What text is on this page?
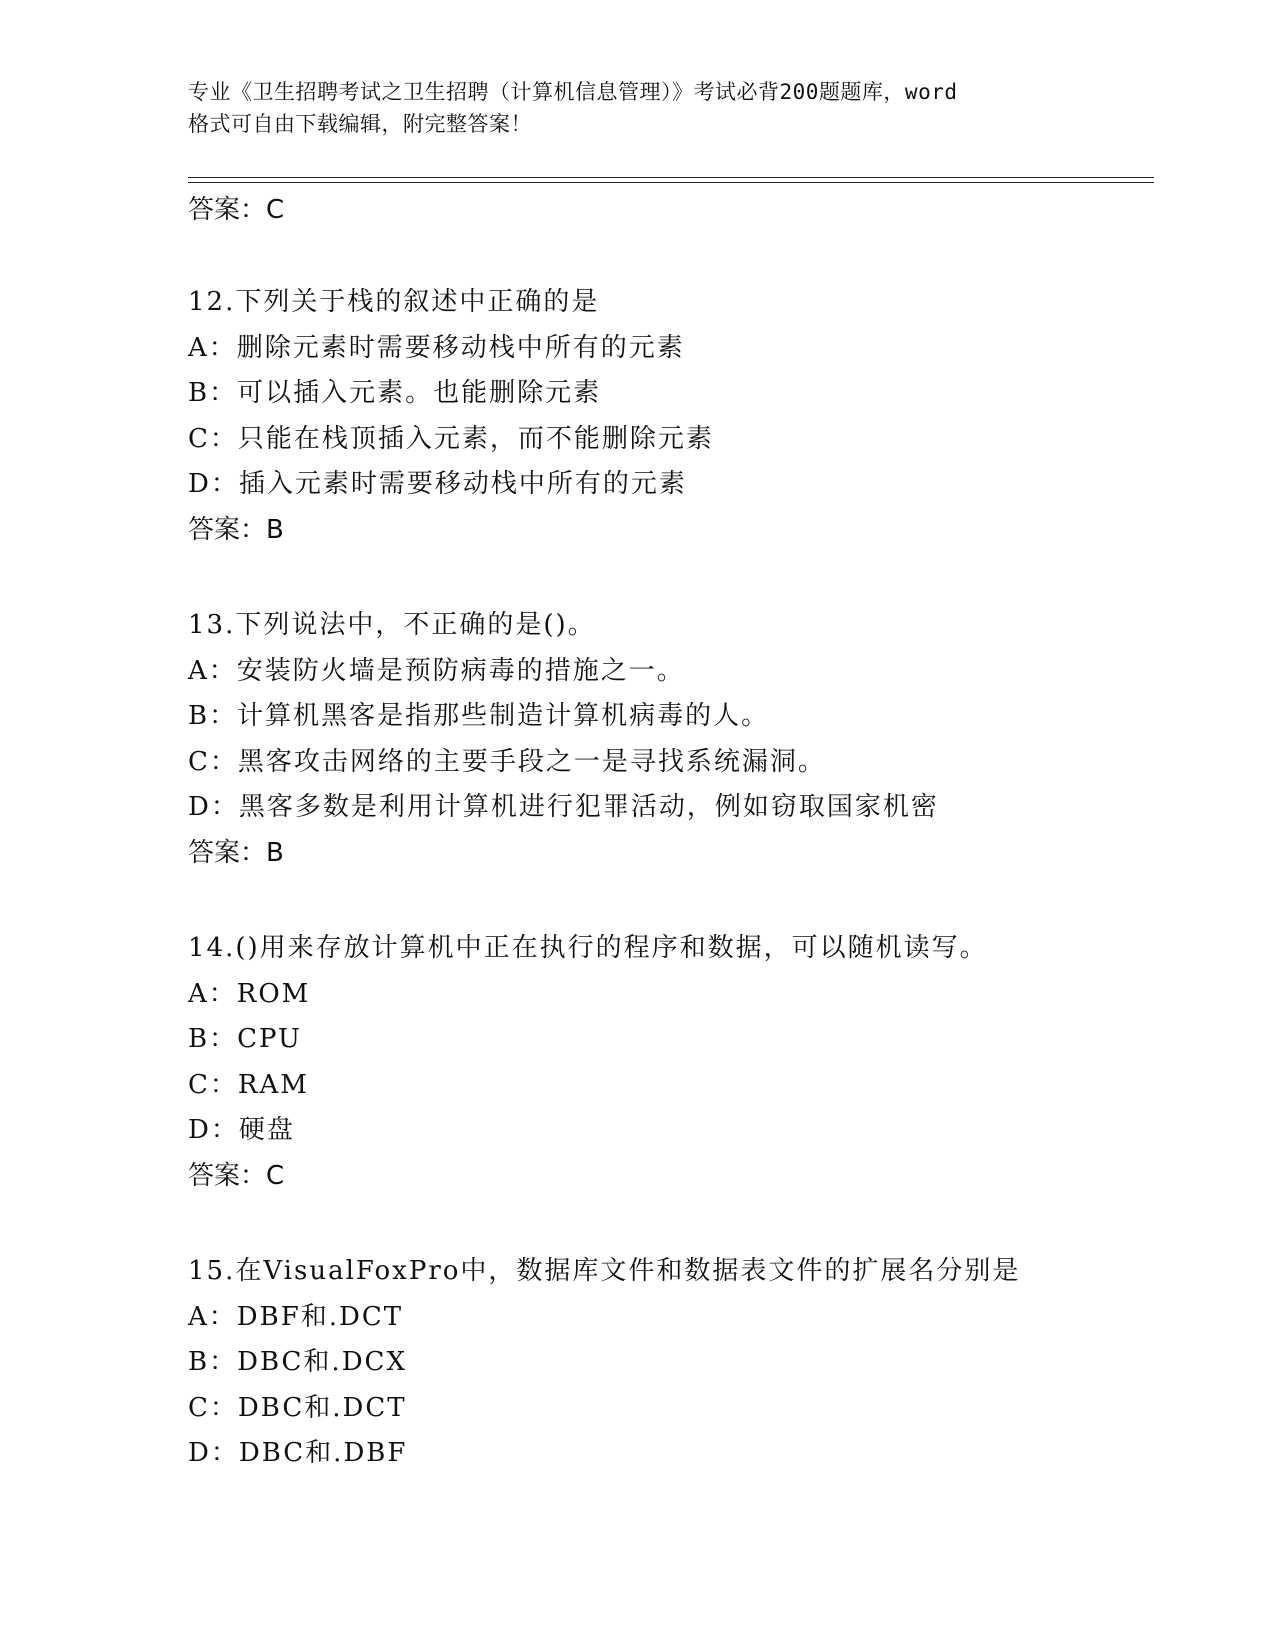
专业《卫生招聘考试之卫生招聘（计算机信息管理）》考试必背200题题库，word
格式可自由下载编辑，附完整答案！
答案：C
12.下列关于栈的叙述中正确的是
A：删除元素时需要移动栈中所有的元素
B：可以插入元素。也能删除元素
C：只能在栈顶插入元素，而不能删除元素
D：插入元素时需要移动栈中所有的元素
答案：B
13.下列说法中，不正确的是()。
A：安装防火墙是预防病毒的措施之一。
B：计算机黑客是指那些制造计算机病毒的人。
C：黑客攻击网络的主要手段之一是寻找系统漏洞。
D：黑客多数是利用计算机进行犯罪活动，例如窃取国家机密
答案：B
14.()用来存放计算机中正在执行的程序和数据，可以随机读写。
A：ROM
B：CPU
C：RAM
D：硬盘
答案：C
15.在VisualFoxPro中，数据库文件和数据表文件的扩展名分别是
A：DBF和.DCT
B：DBC和.DCX
C：DBC和.DCT
D：DBC和.DBF
